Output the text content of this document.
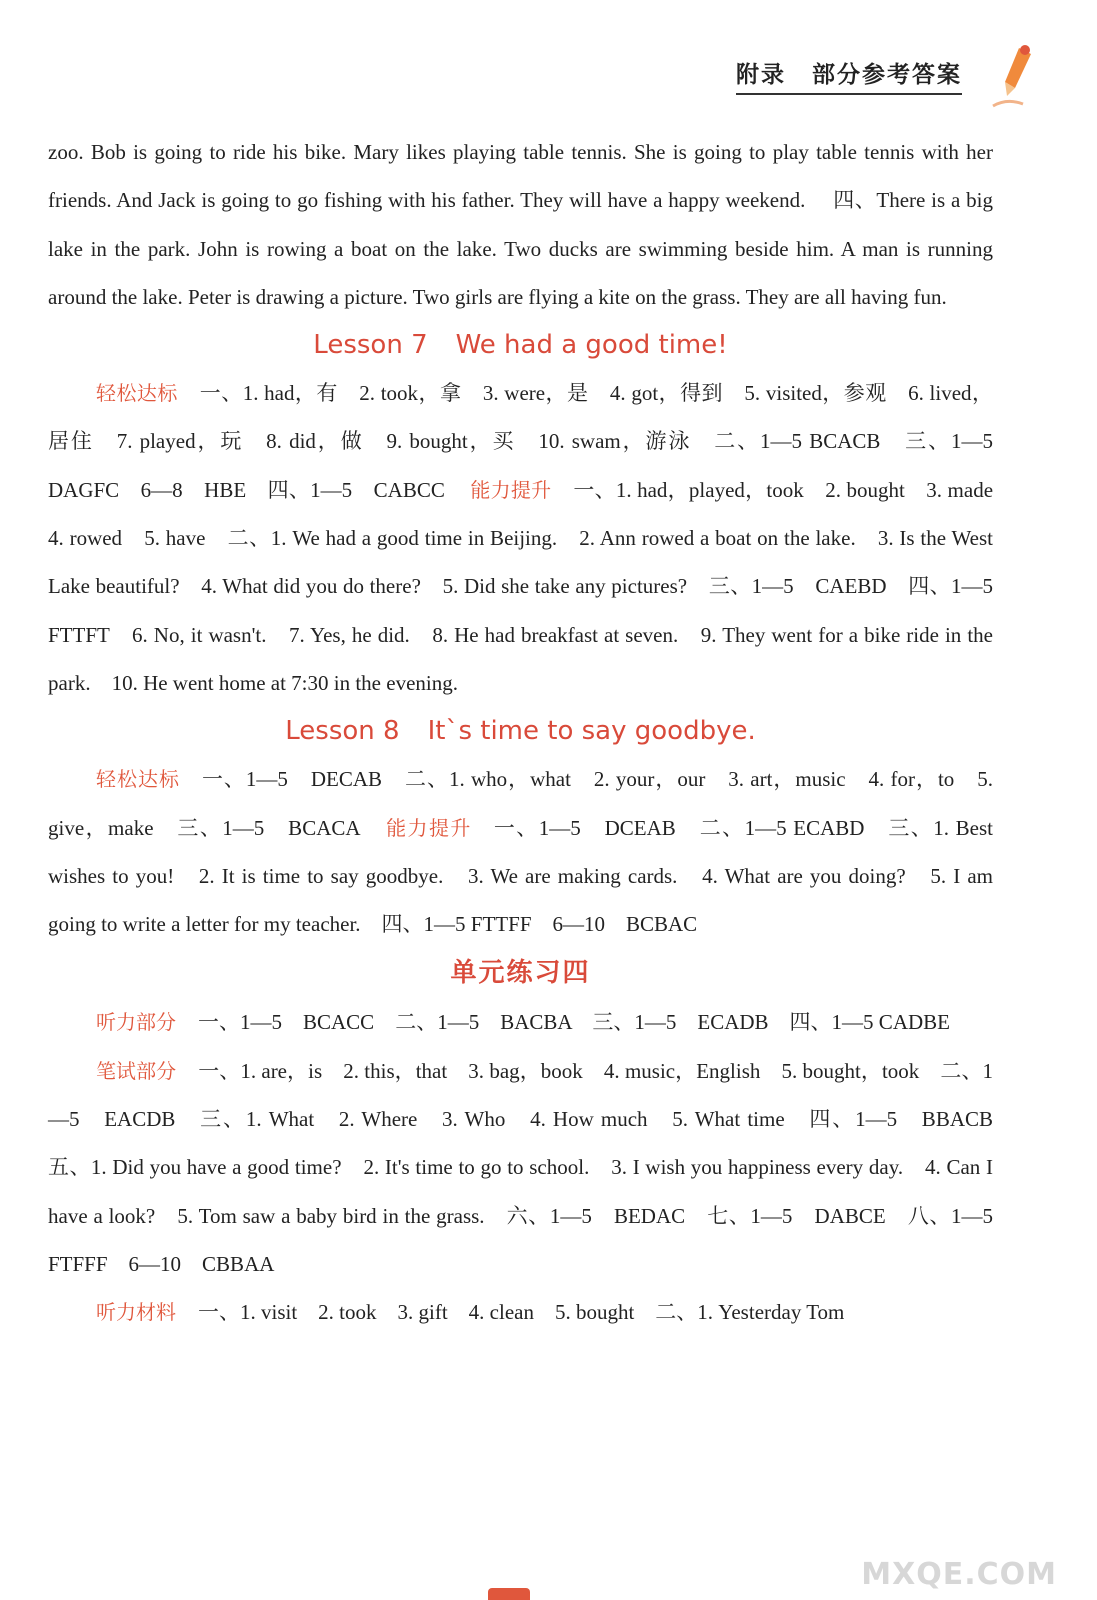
附录 部分参考答案

zoo. Bob is going to ride his bike. Mary likes playing table tennis. She is going to play table tennis with her friends. And Jack is going to go fishing with his father. They will have a happy weekend. 四、There is a big lake in the park. John is rowing a boat on the lake. Two ducks are swimming beside him. A man is running around the lake. Peter is drawing a picture. Two girls are flying a kite on the grass. They are all having fun.

Lesson 7 We had a good time!

轻松达标 一、1. had，有　2. took，拿　3. were，是　4. got，得到　5. visited，参观　6. lived，居住　7. played，玩　8. did，做　9. bought，买　10. swam，游泳　二、1—5 BCACB　三、1—5　DAGFC　6—8　HBE　四、1—5　CABCC 能力提升 一、1. had，played，took　2. bought　3. made　4. rowed　5. have　二、1. We had a good time in Beijing.　2. Ann rowed a boat on the lake.　3. Is the West Lake beautiful?　4. What did you do there?　5. Did she take any pictures?　三、1—5　CAEBD　四、1—5　FTTFT　6. No, it wasn't.　7. Yes, he did.　8. He had breakfast at seven.　9. They went for a bike ride in the park.　10. He went home at 7:30 in the evening.

Lesson 8 It`s time to say goodbye.

轻松达标 一、1—5　DECAB　二、1. who，what　2. your，our　3. art，music　4. for，to　5. give，make　三、1—5　BCACA 能力提升 一、1—5　DCEAB　二、1—5 ECABD　三、1. Best wishes to you!　2. It is time to say goodbye.　3. We are making cards.　4. What are you doing?　5. I am going to write a letter for my teacher.　四、1—5 FTTFF　6—10　BCBAC

单元练习四

听力部分 一、1—5　BCACC　二、1—5　BACBA　三、1—5　ECADB　四、1—5 CADBE

笔试部分 一、1. are，is　2. this，that　3. bag，book　4. music，English　5. bought，took　二、1—5　EACDB　三、1. What　2. Where　3. Who　4. How much　5. What time　四、1—5　BBACB　五、1. Did you have a good time?　2. It's time to go to school.　3. I wish you happiness every day.　4. Can I have a look?　5. Tom saw a baby bird in the grass.　六、1—5　BEDAC　七、1—5　DABCE　八、1—5　FTFFF　6—10　CBBAA

听力材料 一、1. visit　2. took　3. gift　4. clean　5. bought　二、1. Yesterday Tom

MXQE.COM
